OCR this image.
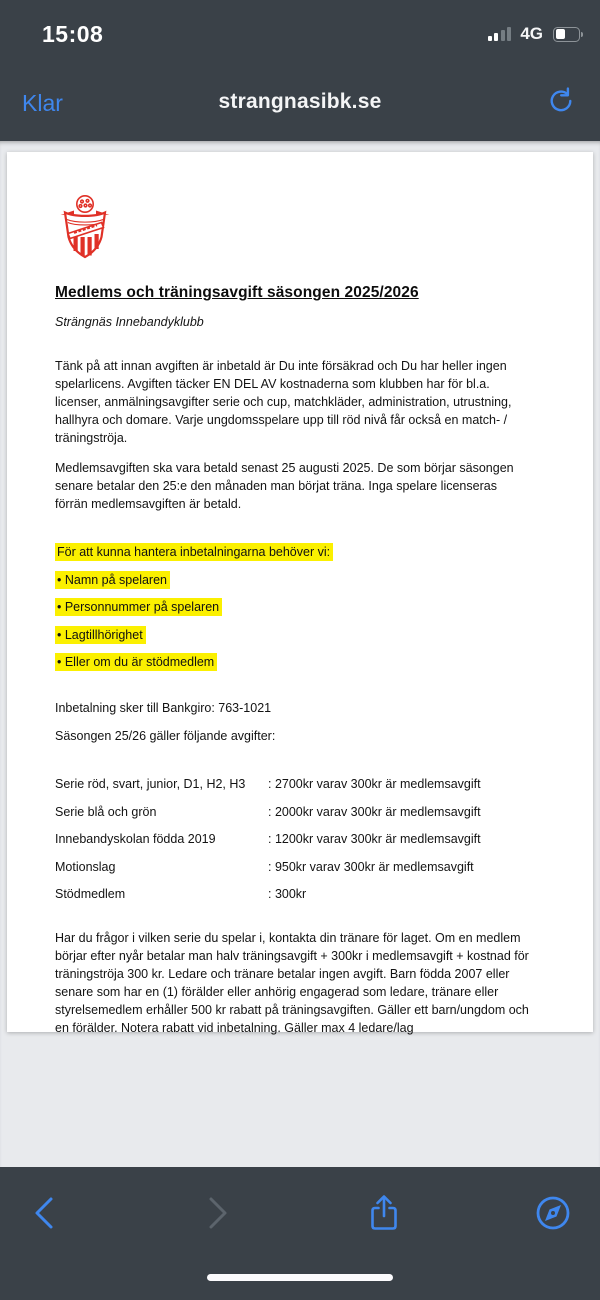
15:08	4G
Klar	strangnasibk.se
Medlems och träningsavgift säsongen 2025/2026
Strängnäs Innebandyklubb

Tänk på att innan avgiften är inbetald är Du inte försäkrad och Du har heller ingen spelarlicens. Avgiften täcker EN DEL AV kostnaderna som klubben har för bl.a. licenser, anmälningsavgifter serie och cup, matchkläder, administration, utrustning, hallhyra och domare. Varje ungdomsspelare upp till röd nivå får också en match- / träningströja.

Medlemsavgiften ska vara betald senast 25 augusti 2025. De som börjar säsongen senare betalar den 25:e den månaden man börjat träna. Inga spelare licenseras förrän medlemsavgiften är betald.

För att kunna hantera inbetalningarna behöver vi:
• Namn på spelaren
• Personnummer på spelaren
• Lagtillhörighet
• Eller om du är stödmedlem
Inbetalning sker till Bankgiro: 763-1021
Säsongen 25/26 gäller följande avgifter:
Serie röd, svart, junior, D1, H2, H3	: 2700kr varav 300kr är medlemsavgift
Serie blå och grön	: 2000kr varav 300kr är medlemsavgift
Innebandyskolan födda 2019	: 1200kr varav 300kr är medlemsavgift
Motionslag	: 950kr varav 300kr är medlemsavgift
Stödmedlem	: 300kr

Har du frågor i vilken serie du spelar i, kontakta din tränare för laget. Om en medlem börjar efter nyår betalar man halv träningsavgift + 300kr i medlemsavgift + kostnad för träningströja 300 kr. Ledare och tränare betalar ingen avgift. Barn födda 2007 eller senare som har en (1) förälder eller anhörig engagerad som ledare, tränare eller styrelsemedlem erhåller 500 kr rabatt på träningsavgiften. Gäller ett barn/ungdom och en förälder. Notera rabatt vid inbetalning. Gäller max 4 ledare/lag
